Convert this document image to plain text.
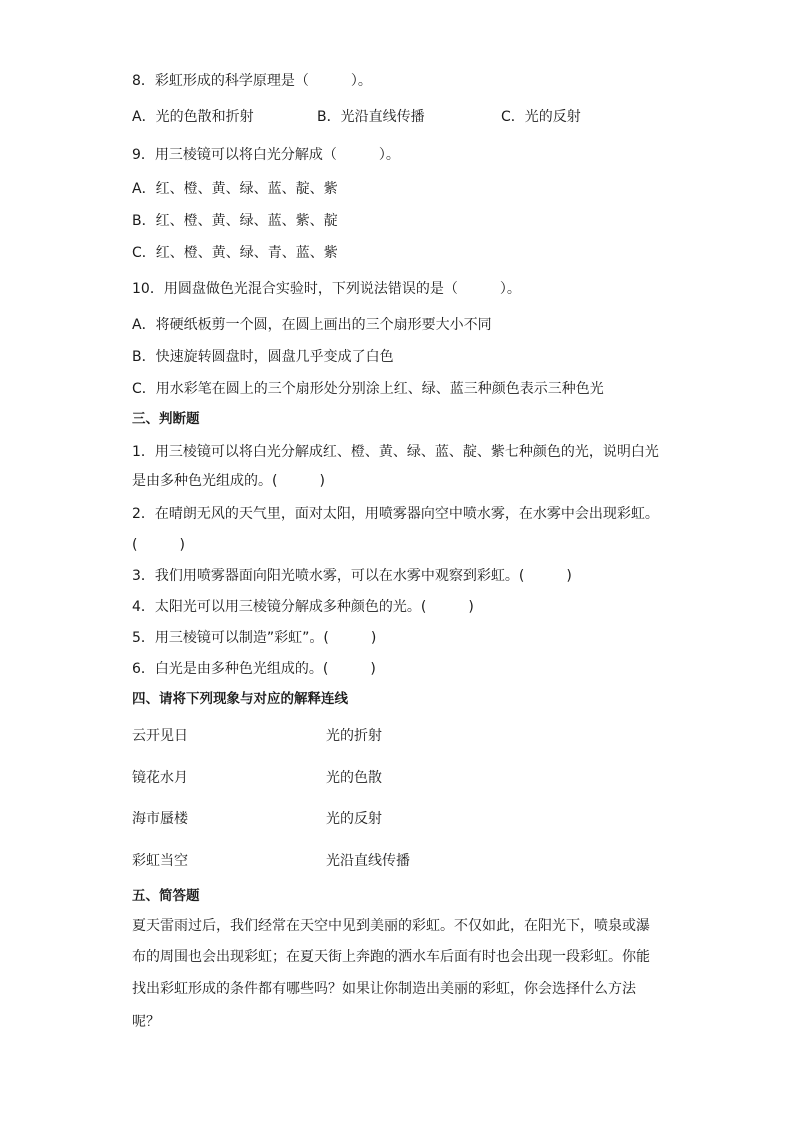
8．彩虹形成的科学原理是（　　　）。
A．光的色散和折射	B．光沿直线传播	C．光的反射
9．用三棱镜可以将白光分解成（　　　）。
A．红、橙、黄、绿、蓝、靛、紫
B．红、橙、黄、绿、蓝、紫、靛
C．红、橙、黄、绿、青、蓝、紫
10．用圆盘做色光混合实验时，下列说法错误的是（　　　）。
A．将硬纸板剪一个圆，在圆上画出的三个扇形要大小不同
B．快速旋转圆盘时，圆盘几乎变成了白色
C．用水彩笔在圆上的三个扇形处分别涂上红、绿、蓝三种颜色表示三种色光
三、判断题
1．用三棱镜可以将白光分解成红、橙、黄、绿、蓝、靛、紫七种颜色的光，说明白光
是由多种色光组成的。(　　　)
2．在晴朗无风的天气里，面对太阳，用喷雾器向空中喷水雾，在水雾中会出现彩虹。
(　　　)
3．我们用喷雾器面向阳光喷水雾，可以在水雾中观察到彩虹。(　　　)
4．太阳光可以用三棱镜分解成多种颜色的光。(　　　)
5．用三棱镜可以制造”彩虹”。(　　　)
6．白光是由多种色光组成的。(　　　)
四、请将下列现象与对应的解释连线
云开见日	光的折射
镜花水月	光的色散
海市蜃楼	光的反射
彩虹当空	光沿直线传播
五、简答题
夏天雷雨过后，我们经常在天空中见到美丽的彩虹。不仅如此，在阳光下，喷泉或瀑
布的周围也会出现彩虹；在夏天街上奔跑的洒水车后面有时也会出现一段彩虹。你能
找出彩虹形成的条件都有哪些吗？如果让你制造出美丽的彩虹，你会选择什么方法
呢？
